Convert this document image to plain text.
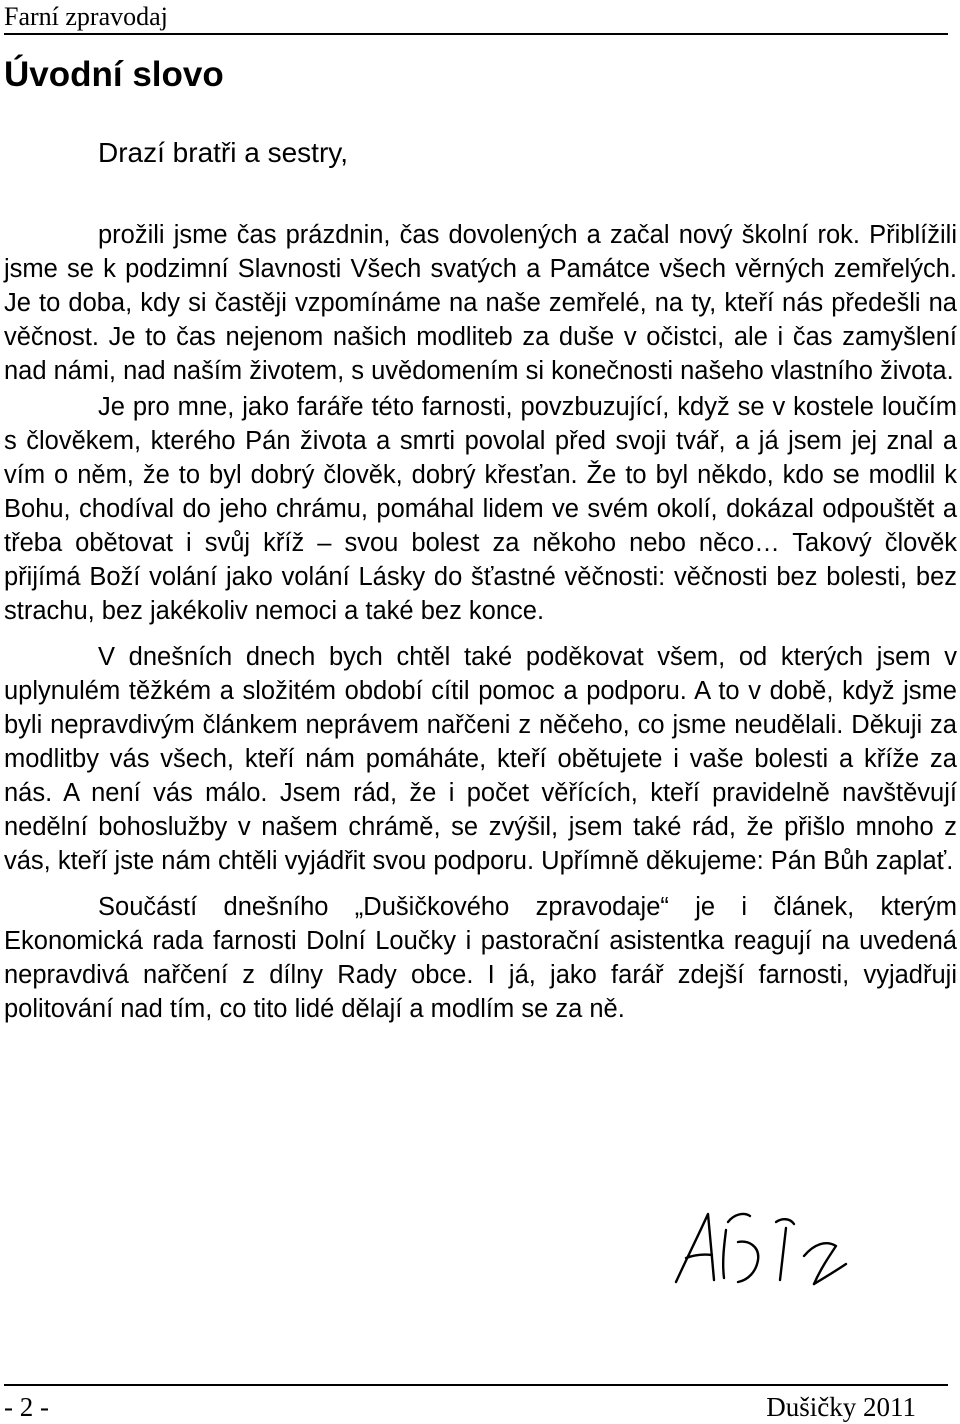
Farní zpravodaj
Úvodní slovo
Drazí bratři a sestry,

prožili jsme čas prázdnin, čas dovolených a začal nový školní rok. Přiblížili jsme se k podzimní Slavnosti Všech svatých a Památce všech věrných zemřelých. Je to doba, kdy si častěji vzpomínáme na naše zemřelé, na ty, kteří nás předešli na věčnost. Je to čas nejenom našich modliteb za duše v očistci, ale i čas zamyšlení nad námi, nad naším životem, s uvědomením si konečnosti našeho vlastního života.

Je pro mne, jako faráře této farnosti, povzbuzující, když se v kostele loučím s člověkem, kterého Pán života a smrti povolal před svoji tvář, a já jsem jej znal a vím o něm, že to byl dobrý člověk, dobrý křesťan. Že to byl někdo, kdo se modlil k Bohu, chodíval do jeho chrámu, pomáhal lidem ve svém okolí, dokázal odpouštět a třeba obětovat i svůj kříž – svou bolest za někoho nebo něco… Takový člověk přijímá Boží volání jako volání Lásky do šťastné věčnosti: věčnosti bez bolesti, bez strachu, bez jakékoliv nemoci a také bez konce.

V dnešních dnech bych chtěl také poděkovat všem, od kterých jsem v uplynulém těžkém a složitém období cítil pomoc a podporu. A to v době, když jsme byli nepravdivým článkem neprávem nařčeni z něčeho, co jsme neudělali. Děkuji za modlitby vás všech, kteří nám pomáháte, kteří obětujete i vaše bolesti a kříže za nás. A není vás málo. Jsem rád, že i počet věřících, kteří pravidelně navštěvují nedělní bohoslužby v našem chrámě, se zvýšil, jsem také rád, že přišlo mnoho z vás, kteří jste nám chtěli vyjádřit svou podporu. Upřímně děkujeme: Pán Bůh zaplať.

Součástí dnešního „Dušičkového zpravodaje“ je i článek, kterým Ekonomická rada farnosti Dolní Loučky i pastorační asistentka reagují na uvedená nepravdivá nařčení z dílny Rady obce. I já, jako farář zdejší farnosti, vyjadřuji politování nad tím, co tito lidé dělají a modlím se za ně.

- 2 -	Dušičky 2011
